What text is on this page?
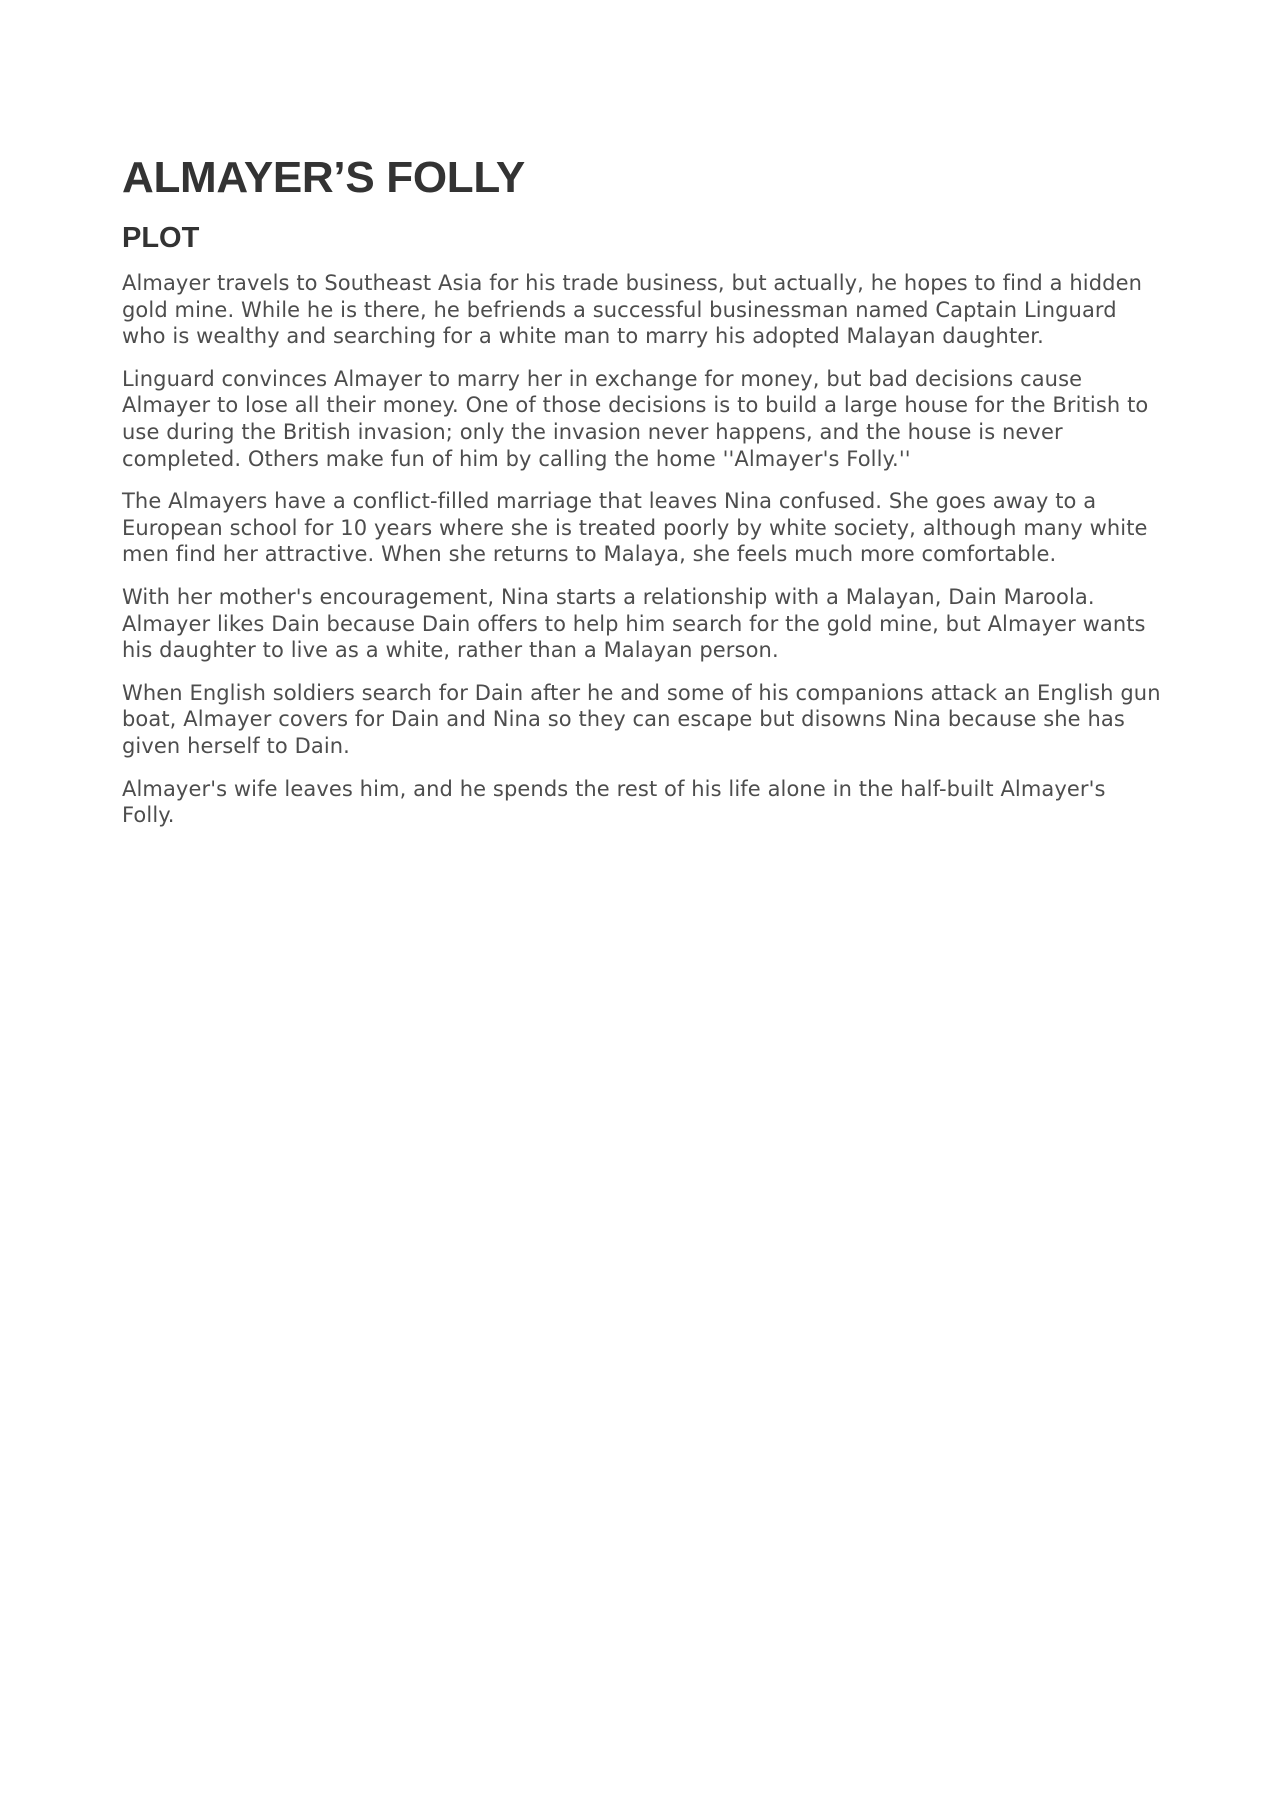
ALMAYER’S FOLLY
PLOT

Almayer travels to Southeast Asia for his trade business, but actually, he hopes to find a hidden gold mine. While he is there, he befriends a successful businessman named Captain Linguard who is wealthy and searching for a white man to marry his adopted Malayan daughter.

Linguard convinces Almayer to marry her in exchange for money, but bad decisions cause Almayer to lose all their money. One of those decisions is to build a large house for the British to use during the British invasion; only the invasion never happens, and the house is never completed. Others make fun of him by calling the home ''Almayer's Folly.''

The Almayers have a conflict-filled marriage that leaves Nina confused. She goes away to a European school for 10 years where she is treated poorly by white society, although many white men find her attractive. When she returns to Malaya, she feels much more comfortable.

With her mother's encouragement, Nina starts a relationship with a Malayan, Dain Maroola. Almayer likes Dain because Dain offers to help him search for the gold mine, but Almayer wants his daughter to live as a white, rather than a Malayan person.

When English soldiers search for Dain after he and some of his companions attack an English gun boat, Almayer covers for Dain and Nina so they can escape but disowns Nina because she has given herself to Dain.

Almayer's wife leaves him, and he spends the rest of his life alone in the half-built Almayer's Folly.
